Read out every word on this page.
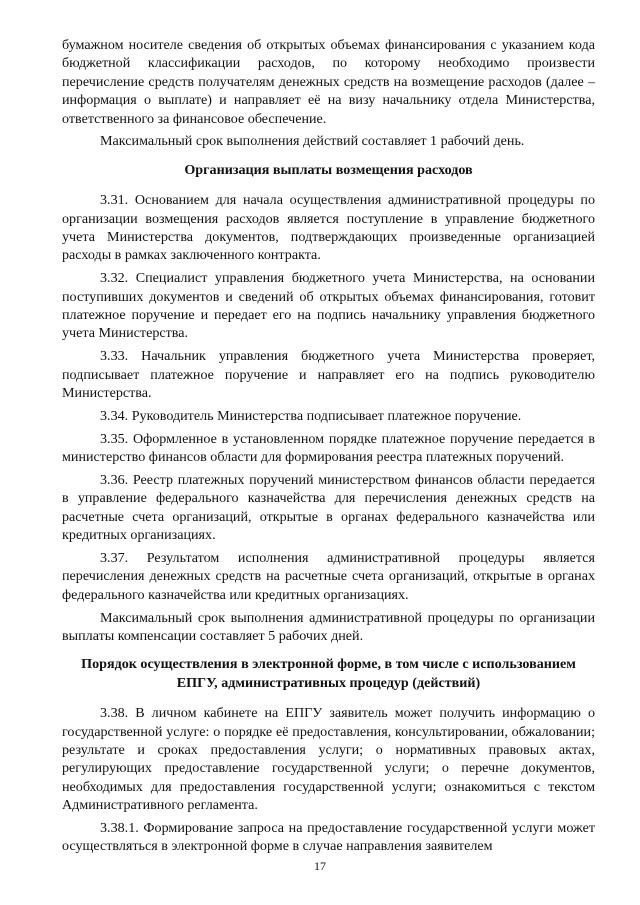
бумажном носителе сведения об открытых объемах финансирования с указанием кода бюджетной классификации расходов, по которому необходимо произвести перечисление средств получателям денежных средств на возмещение расходов (далее – информация о выплате) и направляет её на визу начальнику отдела Министерства, ответственного за финансовое обеспечение.

Максимальный срок выполнения действий составляет 1 рабочий день.

Организация выплаты возмещения расходов

3.31. Основанием для начала осуществления административной процедуры по организации возмещения расходов является поступление в управление бюджетного учета Министерства документов, подтверждающих произведенные организацией расходы в рамках заключенного контракта.

3.32. Специалист управления бюджетного учета Министерства, на основании поступивших документов и сведений об открытых объемах финансирования, готовит платежное поручение и передает его на подпись начальнику управления бюджетного учета Министерства.

3.33. Начальник управления бюджетного учета Министерства проверяет, подписывает платежное поручение и направляет его на подпись руководителю Министерства.

3.34. Руководитель Министерства подписывает платежное поручение.

3.35. Оформленное в установленном порядке платежное поручение передается в министерство финансов области для формирования реестра платежных поручений.

3.36. Реестр платежных поручений министерством финансов области передается в управление федерального казначейства для перечисления денежных средств на расчетные счета организаций, открытые в органах федерального казначейства или кредитных организациях.

3.37. Результатом исполнения административной процедуры является перечисления денежных средств на расчетные счета организаций, открытые в органах федерального казначейства или кредитных организациях.

Максимальный срок выполнения административной процедуры по организации выплаты компенсации составляет 5 рабочих дней.

Порядок осуществления в электронной форме, в том числе с использованием ЕПГУ, административных процедур (действий)

3.38. В личном кабинете на ЕПГУ заявитель может получить информацию о государственной услуге: о порядке её предоставления, консультировании, обжаловании; результате и сроках предоставления услуги; о нормативных правовых актах, регулирующих предоставление государственной услуги; о перечне документов, необходимых для предоставления государственной услуги; ознакомиться с текстом Административного регламента.

3.38.1. Формирование запроса на предоставление государственной услуги может осуществляться в электронной форме в случае направления заявителем

17
